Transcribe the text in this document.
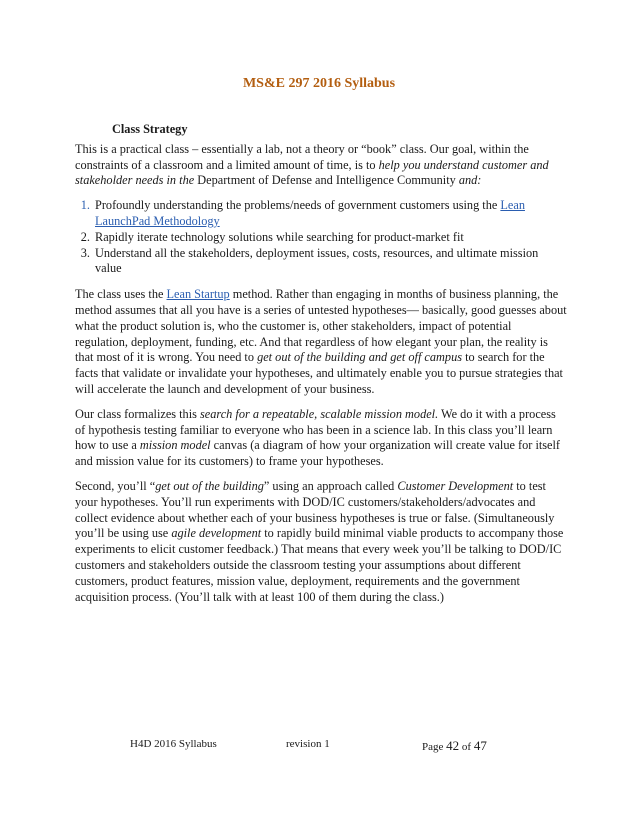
MS&E 297 2016 Syllabus
Class Strategy

This is a practical class – essentially a lab, not a theory or “book” class. Our goal, within the constraints of a classroom and a limited amount of time, is to help you understand customer and stakeholder needs in the Department of Defense and Intelligence Community and:

1. Profoundly understanding the problems/needs of government customers using the Lean LaunchPad Methodology
2. Rapidly iterate technology solutions while searching for product-market fit
3. Understand all the stakeholders, deployment issues, costs, resources, and ultimate mission value

The class uses the Lean Startup method. Rather than engaging in months of business planning, the method assumes that all you have is a series of untested hypotheses— basically, good guesses about what the product solution is, who the customer is, other stakeholders, impact of potential regulation, deployment, funding, etc. And that regardless of how elegant your plan, the reality is that most of it is wrong. You need to get out of the building and get off campus to search for the facts that validate or invalidate your hypotheses, and ultimately enable you to pursue strategies that will accelerate the launch and development of your business.

Our class formalizes this search for a repeatable, scalable mission model. We do it with a process of hypothesis testing familiar to everyone who has been in a science lab. In this class you’ll learn how to use a mission model canvas (a diagram of how your organization will create value for itself and mission value for its customers) to frame your hypotheses.

Second, you’ll “get out of the building” using an approach called Customer Development to test your hypotheses. You’ll run experiments with DOD/IC customers/stakeholders/advocates and collect evidence about whether each of your business hypotheses is true or false. (Simultaneously you’ll be using use agile development to rapidly build minimal viable products to accompany those experiments to elicit customer feedback.) That means that every week you’ll be talking to DOD/IC customers and stakeholders outside the classroom testing your assumptions about different customers, product features, mission value, deployment, requirements and the government acquisition process. (You’ll talk with at least 100 of them during the class.)

H4D 2016 Syllabus	revision 1	Page 42 of 47
